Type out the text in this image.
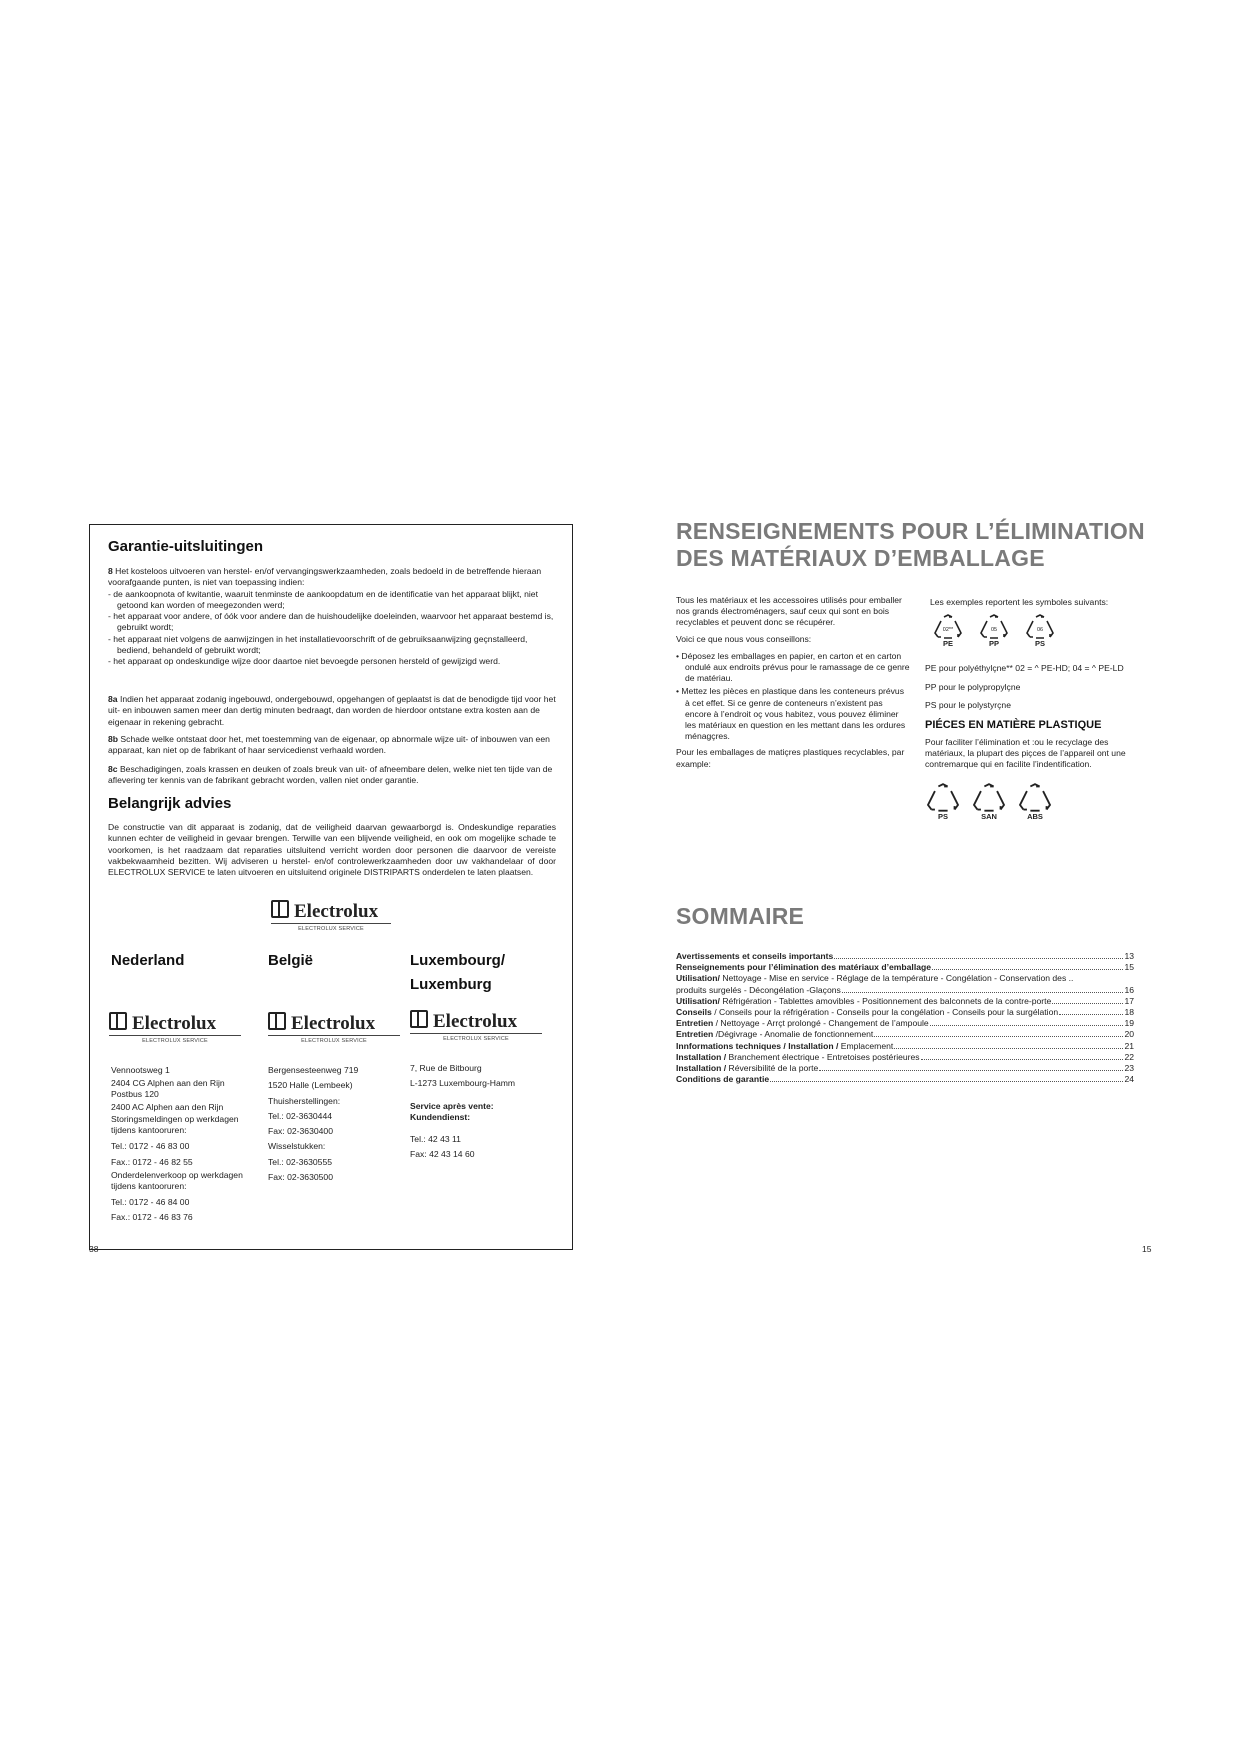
Garantie-uitsluitingen
8 Het kosteloos uitvoeren van herstel- en/of vervangingswerkzaamheden, zoals bedoeld in de betreffende hieraan voorafgaande punten, is niet van toepassing indien:
- de aankoopnota of kwitantie, waaruit tenminste de aankoopdatum en de identificatie van het apparaat blijkt, niet getoond kan worden of meegezonden werd;
- het apparaat voor andere, of óók voor andere dan de huishoudelijke doeleinden, waarvoor het apparaat bestemd is, gebruikt wordt;
- het apparaat niet volgens de aanwijzingen in het installatievoorschrift of de gebruiksaanwijzing geçnstalleerd, bediend, behandeld of gebruikt wordt;
- het apparaat op ondeskundige wijze door daartoe niet bevoegde personen hersteld of gewijzigd werd.
8a Indien het apparaat zodanig ingebouwd, ondergebouwd, opgehangen of geplaatst is dat de benodigde tijd voor het uit- en inbouwen samen meer dan dertig minuten bedraagt, dan worden de hierdoor ontstane extra kosten aan de eigenaar in rekening gebracht.
8b Schade welke ontstaat door het, met toestemming van de eigenaar, op abnormale wijze uit- of inbouwen van een apparaat, kan niet op de fabrikant of haar servicedienst verhaald worden.
8c Beschadigingen, zoals krassen en deuken of zoals breuk van uit- of afneembare delen, welke niet ten tijde van de aflevering ter kennis van de fabrikant gebracht worden, vallen niet onder garantie.
Belangrijk advies
De constructie van dit apparaat is zodanig, dat de veiligheid daarvan gewaarborgd is. Ondeskundige reparaties kunnen echter de veiligheid in gevaar brengen. Terwille van een blijvende veiligheid, en ook om mogelijke schade te voorkomen, is het raadzaam dat reparaties uitsluitend verricht worden door personen die daarvoor de vereiste vakbekwaamheid bezitten. Wij adviseren u herstel- en/of controlewerkzaamheden door uw vakhandelaar of door ELECTROLUX SERVICE te laten uitvoeren en uitsluitend originele DISTRIPARTS onderdelen te laten plaatsen.
Electrolux
ELECTROLUX SERVICE
Nederland	België	Luxembourg/ Luxemburg
Electrolux
ELECTROLUX SERVICE
Electrolux
ELECTROLUX SERVICE
Electrolux
ELECTROLUX SERVICE
Vennootsweg 1
2404 CG Alphen aan den Rijn
Postbus 120
2400 AC Alphen aan den Rijn
Storingsmeldingen op werkdagen tijdens kantooruren:
Tel.: 0172 - 46 83 00
Fax.: 0172 - 46 82 55
Onderdelenverkoop op werkdagen tijdens kantooruren:
Tel.: 0172 - 46 84 00
Fax.: 0172 - 46 83 76
Bergensesteenweg 719
1520 Halle (Lembeek)
Thuisherstellingen:
Tel.: 02-3630444
Fax: 02-3630400
Wisselstukken:
Tel.: 02-3630555
Fax: 02-3630500
7, Rue de Bitbourg
L-1273 Luxembourg-Hamm
Service après vente: Kundendienst:
Tel.: 42 43 11
Fax: 42 43 14 60
38
RENSEIGNEMENTS POUR L’ÉLIMINATION
DES MATÉRIAUX D’EMBALLAGE
Tous les matériaux et les accessoires utilisés pour emballer nos grands électroménagers, sauf ceux qui sont en bois recyclables et peuvent donc se récupérer.
Voici ce que nous vous conseillons:
• Déposez les emballages en papier, en carton et en carton ondulé aux endroits prévus pour le ramassage de ce genre de matériau.
• Mettez les pièces en plastique dans les conteneurs prévus à cet effet. Si ce genre de conteneurs n’existent pas encore à l’endroit oç vous habitez, vous pouvez éliminer les matériaux en question en les mettant dans les ordures ménagçres.
Pour les emballages de matiçres plastiques recyclables, par example:
Les exemples reportent les symboles suivants:
02**
PE
05
PP
06
PS
PE pour polyéthylçne** 02 = ^ PE-HD; 04 = ^ PE-LD
PP pour le polypropylçne
PS pour le polystyrçne
PIÉCES EN MATIÈRE PLASTIQUE
Pour faciliter l’élimination et :ou le recyclage des matériaux, la plupart des piçces de l’appareil ont une contremarque qui en facilite l’indentification.
PS	SAN	ABS
SOMMAIRE
Avertissements et conseils importants	13
Renseignements pour l’élimination des matériaux d’emballage	15
Utilisation/ Nettoyage - Mise en service - Réglage de la température - Congélation - Conservation des ..
produits surgelés - Décongélation -Glaçons	16
Utilisation/ Réfrigération - Tablettes amovibles - Positionnement des balconnets de la contre-porte	17
Conseils / Conseils pour la réfrigération - Conseils pour la congélation - Conseils pour la surgélation	18
Entretien / Nettoyage - Arrçt prolongé - Changement de l’ampoule	19
Entretien /Dégivrage - Anomalie de fonctionnement	20
Innformations techniques / Installation / Emplacement	21
Installation / Branchement électrique - Entretoises postérieures	22
Installation / Réversibilité de la porte	23
Conditions de garantie	24
15
